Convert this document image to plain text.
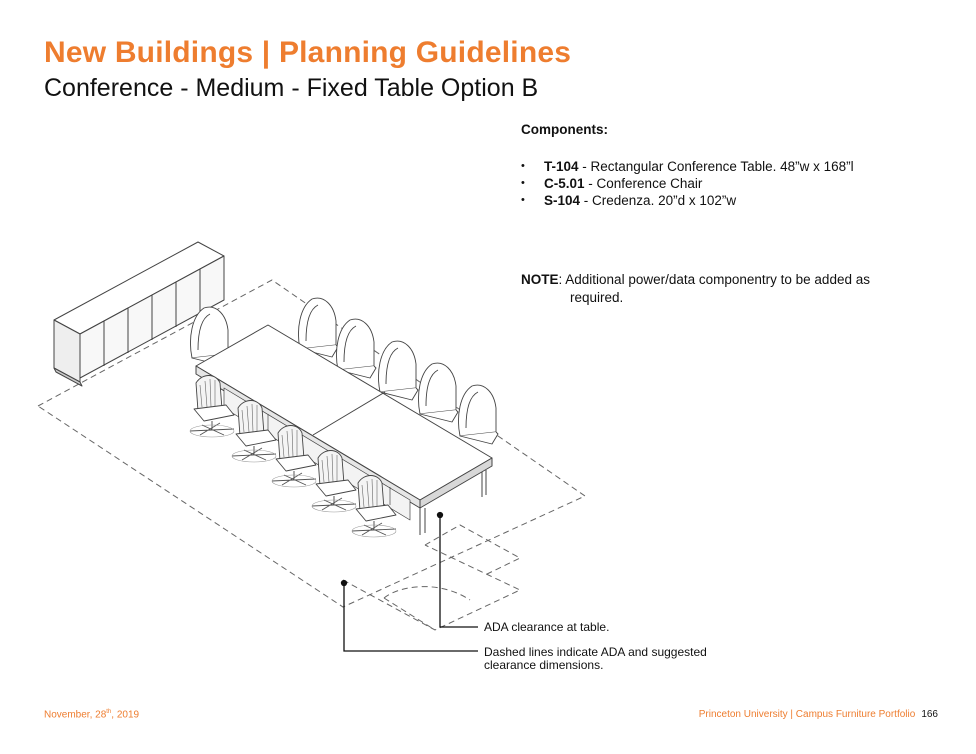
New Buildings | Planning Guidelines
Conference - Medium - Fixed Table Option B
Components:
• T-104 - Rectangular Conference Table. 48”w x 168”l
• C-5.01 - Conference Chair
• S-104 - Credenza. 20”d x 102”w
NOTE: Additional power/data componentry to be added as
required.
ADA clearance at table.
Dashed lines indicate ADA and suggested
clearance dimensions.
November, 28th, 2019	Princeton University | Campus Furniture Portfolio 166
